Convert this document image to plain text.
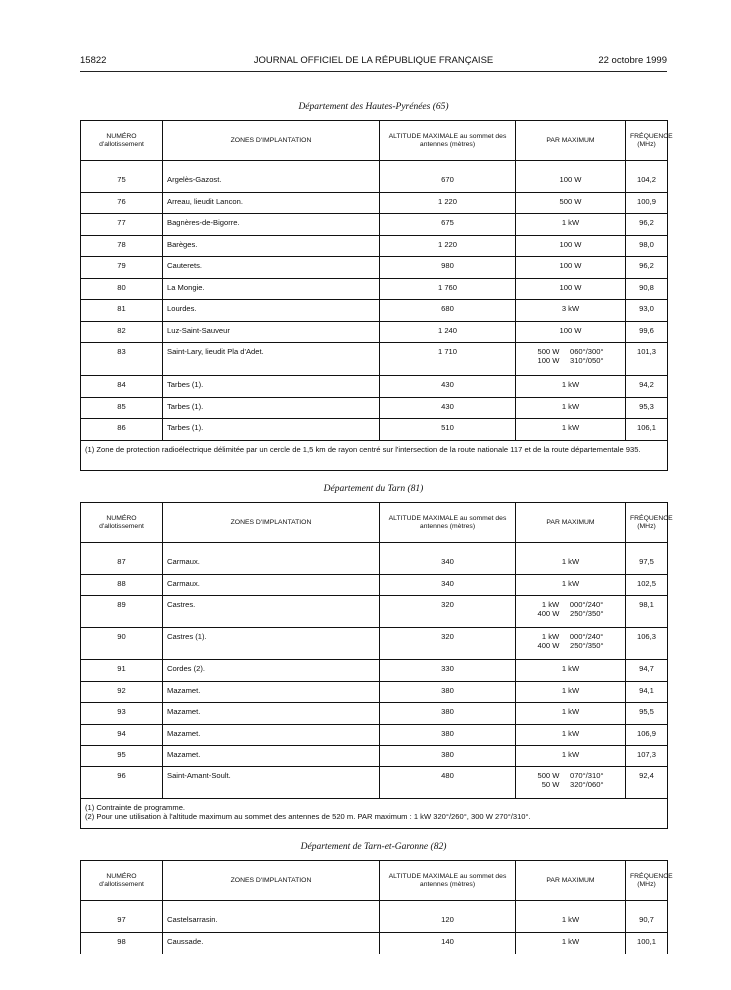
15822	JOURNAL OFFICIEL DE LA RÉPUBLIQUE FRANÇAISE	22 octobre 1999
Département des Hautes-Pyrénées (65)
NUMÉRO d'allotissement	ZONES D'IMPLANTATION	ALTITUDE MAXIMALE au sommet des antennes (mètres)	PAR MAXIMUM	FRÉQUENCE (MHz)

75	Argelès-Gazost.	670	100 W	104,2
76	Arreau, lieudit Lancon.	1 220	500 W	100,9
77	Bagnères-de-Bigorre.	675	1 kW	96,2
78	Barèges.	1 220	100 W	98,0
79	Cauterets.	980	100 W	96,2
80	La Mongie.	1 760	100 W	90,8
81	Lourdes.	680	3 kW	93,0
82	Luz-Saint-Sauveur	1 240	100 W	99,6
83	Saint-Lary, lieudit Pla d'Adet.	1 710	500 W     060°/300°
100 W     310°/050°	101,3
84	Tarbes (1).	430	1 kW	94,2
85	Tarbes (1).	430	1 kW	95,3
86	Tarbes (1).	510	1 kW	106,1

(1) Zone de protection radioélectrique délimitée par un cercle de 1,5 km de rayon centré sur l'intersection de la route nationale 117 et de la route départementale 935.				
Département du Tarn (81)
NUMÉRO d'allotissement	ZONES D'IMPLANTATION	ALTITUDE MAXIMALE au sommet des antennes (mètres)	PAR MAXIMUM	FRÉQUENCE (MHz)

87	Carmaux.	340	1 kW	97,5
88	Carmaux.	340	1 kW	102,5
89	Castres.	320	1 kW     000°/240°
400 W     250°/350°	98,1
90	Castres (1).	320	1 kW     000°/240°
400 W     250°/350°	106,3
91	Cordes (2).	330	1 kW	94,7
92	Mazamet.	380	1 kW	94,1
93	Mazamet.	380	1 kW	95,5
94	Mazamet.	380	1 kW	106,9
95	Mazamet.	380	1 kW	107,3
96	Saint-Amant-Soult.	480	500 W     070°/310°
50 W     320°/060°	92,4

(1) Contrainte de programme.
(2) Pour une utilisation à l'altitude maximum au sommet des antennes de 520 m. PAR maximum : 1 kW 320°/260°, 300 W 270°/310°.				
Département de Tarn-et-Garonne (82)
NUMÉRO d'allotissement	ZONES D'IMPLANTATION	ALTITUDE MAXIMALE au sommet des antennes (mètres)	PAR MAXIMUM	FRÉQUENCE (MHz)

97	Castelsarrasin.	120	1 kW	90,7
98	Caussade.	140	1 kW	100,1
